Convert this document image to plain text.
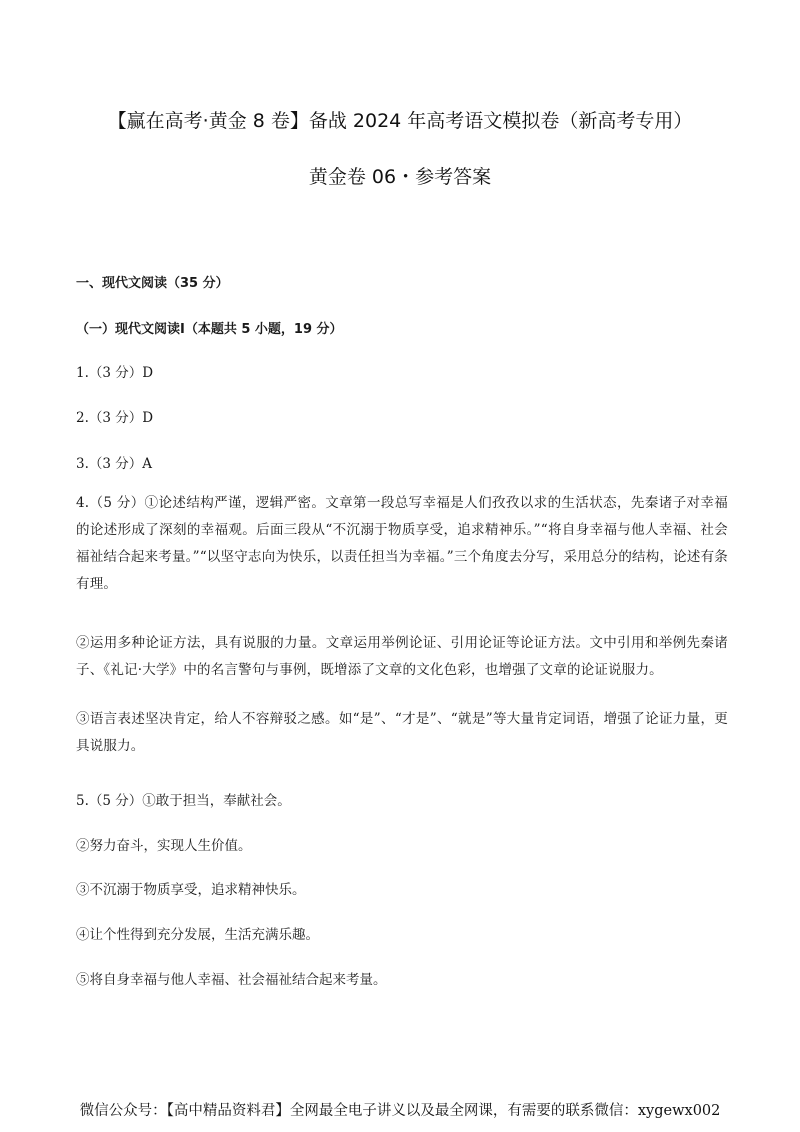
【赢在高考·黄金 8 卷】备战 2024 年高考语文模拟卷（新高考专用）
黄金卷 06・参考答案
一、现代文阅读（35 分）
（一）现代文阅读Ⅰ（本题共 5 小题，19 分）
1.（3 分）D
2.（3 分）D
3.（3 分）A

4.（5 分）①论述结构严谨，逻辑严密。文章第一段总写幸福是人们孜孜以求的生活状态，先秦诸子对幸福的论述形成了深刻的幸福观。后面三段从“不沉溺于物质享受，追求精神乐。”“将自身幸福与他人幸福、社会福祉结合起来考量。”“以坚守志向为快乐，以责任担当为幸福。”三个角度去分写，采用总分的结构，论述有条有理。

②运用多种论证方法，具有说服的力量。文章运用举例论证、引用论证等论证方法。文中引用和举例先秦诸子、《礼记·大学》中的名言警句与事例，既增添了文章的文化色彩，也增强了文章的论证说服力。

③语言表述坚决肯定，给人不容辩驳之感。如“是”、“才是”、“就是”等大量肯定词语，增强了论证力量，更具说服力。

5.（5 分）①敢于担当，奉献社会。
②努力奋斗，实现人生价值。
③不沉溺于物质享受，追求精神快乐。
④让个性得到充分发展，生活充满乐趣。
⑤将自身幸福与他人幸福、社会福祉结合起来考量。
微信公众号：【高中精品资料君】全网最全电子讲义以及最全网课，有需要的联系微信：xygewx002
